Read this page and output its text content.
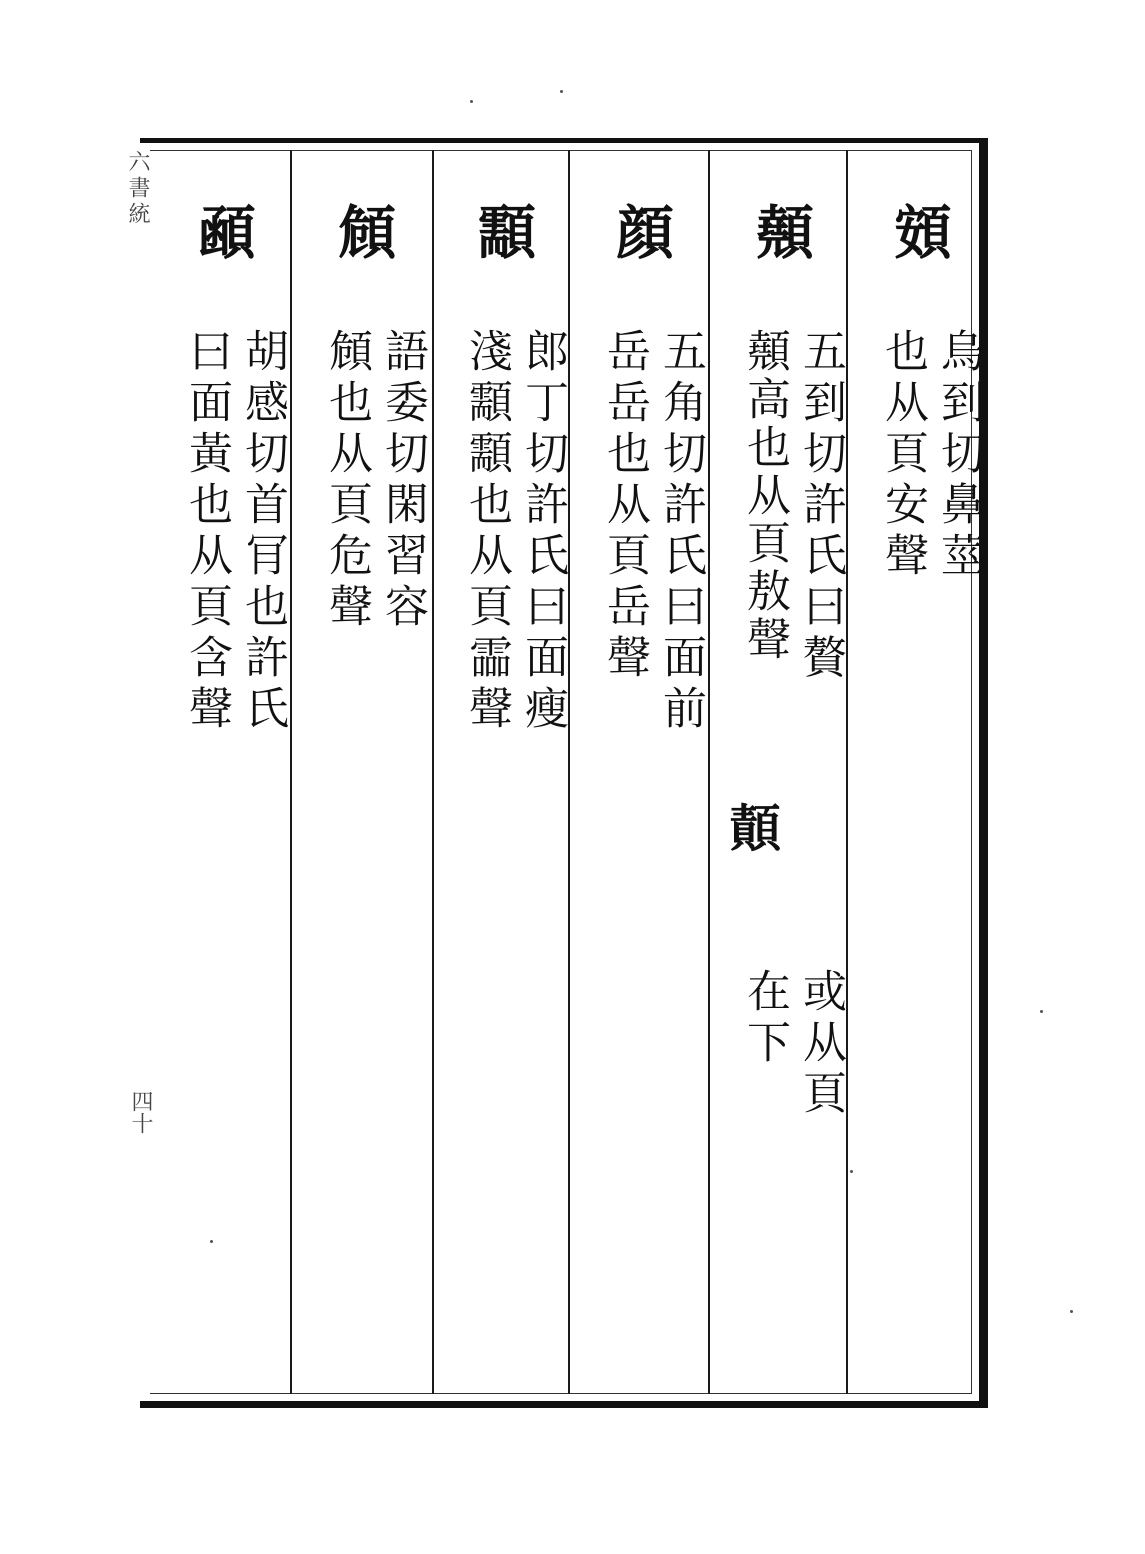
六書統
四十
頞
烏到切鼻莖
也从頁安聲
顤
五到切許氏曰贅
顤高也从頁敖聲
𩔳
或从頁
在下
顔
五角切許氏曰面前
岳岳也从頁岳聲
顬
郎丁切許氏曰面瘦
淺顬顬也从頁霝聲
頠
語委切閑習容
頠也从頁危聲
顄
胡感切首肎也許氏
曰面黃也从頁含聲
